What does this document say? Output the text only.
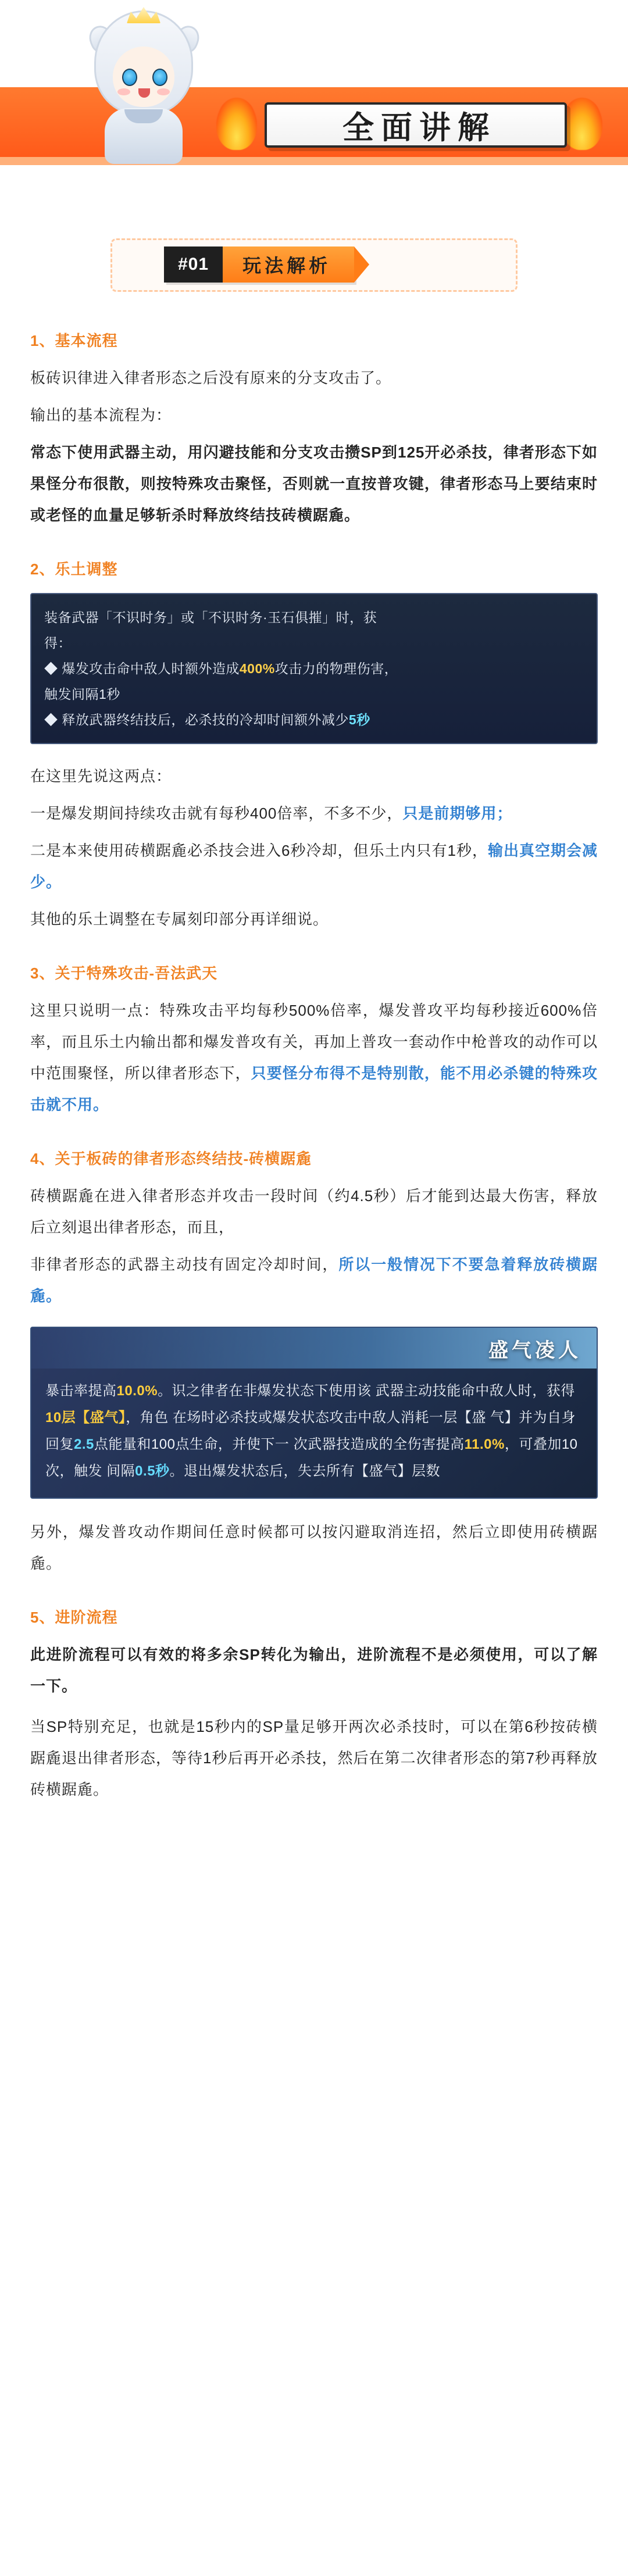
全面讲解
#01	玩法解析
1、基本流程

板砖识律进入律者形态之后没有原来的分支攻击了。

输出的基本流程为：

常态下使用武器主动，用闪避技能和分支攻击攒SP到125开必杀技，律者形态下如果怪分布很散，则按特殊攻击聚怪，否则就一直按普攻键，律者形态马上要结束时或老怪的血量足够斩杀时释放终结技砖横踞麁。

2、乐土调整
装备武器「不识时务」或「不识时务·玉石俱摧」时，获
得：
◆ 爆发攻击命中敌人时额外造成400%攻击力的物理伤害，
触发间隔1秒
◆ 释放武器终结技后，必杀技的冷却时间额外减少5秒

在这里先说这两点：

一是爆发期间持续攻击就有每秒400倍率，不多不少，只是前期够用；

二是本来使用砖横踞麁必杀技会进入6秒冷却，但乐土内只有1秒，输出真空期会减少。

其他的乐土调整在专属刻印部分再详细说。

3、关于特殊攻击-吾法武天

这里只说明一点：特殊攻击平均每秒500%倍率，爆发普攻平均每秒接近600%倍率，而且乐土内输出都和爆发普攻有关，再加上普攻一套动作中枪普攻的动作可以中范围聚怪，所以律者形态下，只要怪分布得不是特别散，能不用必杀键的特殊攻击就不用。

4、关于板砖的律者形态终结技-砖横踞麁

砖横踞麁在进入律者形态并攻击一段时间（约4.5秒）后才能到达最大伤害，释放后立刻退出律者形态，而且，

非律者形态的武器主动技有固定冷却时间，所以一般情况下不要急着释放砖横踞麁。

盛气凌人
暴击率提高10.0%。识之律者在非爆发状态下使用该 武器主动技能命中敌人时，获得10层【盛气】，角色 在场时必杀技或爆发状态攻击中敌人消耗一层【盛 气】并为自身回复2.5点能量和100点生命，并使下一 次武器技造成的全伤害提高11.0%，可叠加10次，触发 间隔0.5秒。退出爆发状态后，失去所有【盛气】层数

另外，爆发普攻动作期间任意时候都可以按闪避取消连招，然后立即使用砖横踞麁。

5、进阶流程

此进阶流程可以有效的将多余SP转化为输出，进阶流程不是必须使用，可以了解一下。

当SP特别充足，也就是15秒内的SP量足够开两次必杀技时，可以在第6秒按砖横踞麁退出律者形态，等待1秒后再开必杀技，然后在第二次律者形态的第7秒再释放砖横踞麁。
